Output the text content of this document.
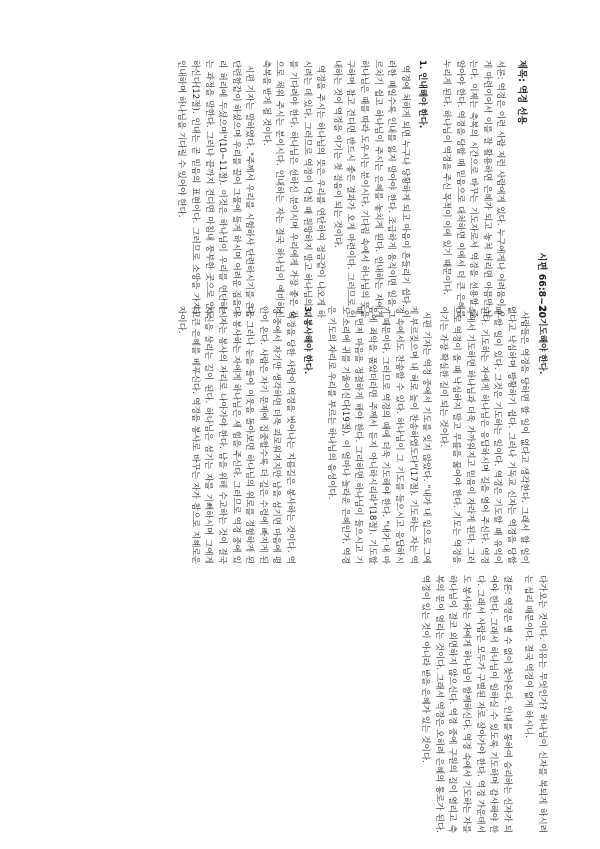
시편 66:8~20
제목: 역경 선용

서론: 역경은 이런 사람 저런 사람에게 있다. 누구에게나 어려움이 오게 마련이어서 이를 잘 활용하면 은혜가 되고 놓쳐 버리면 아픔만 남는다. 이제는 축복의 시간으로 바꾸는 기도자로서 역경을 선용할 줄 알아야 한다. 역경을 당할 때 믿음으로 대처하면 이에서 더 큰 은혜를 누리게 된다. 하나님이 역경을 주신 목적이 이에 있기 때문이다.

1. 인내해야 한다.

역경에 처하게 되면 누구나 당황하게 되고 마음이 흔들리기 쉽다. 이러한 때일수록 인내를 잃지 말아야 한다. 조급하게 움직이면 일을 그르치기 쉽고 하나님이 주시는 은혜를 놓치게 된다. 인내하는 자에게 하나님은 때를 따라 도우시는 분이시다. 기다림 속에서 하나님의 뜻을 구하며 참고 견디면 반드시 좋은 결과가 오게 마련이다. 그러므로 인내하는 것이 역경을 이기는 첫 걸음이 되는 것이다.

역경을 주시는 하나님의 뜻은 우리를 연단하여 정금같이 나오게 하시려는 데 있다. 그러므로 역경이 닥칠 때 원망하지 말고 하나님의 때를 기다려야 한다. 하나님은 선하신 분이시며 우리에게 가장 좋은 것으로 채워 주시는 분이시다. 인내하는 자는 결국 하나님이 예비하신 축복을 받게 될 것이다.

시편 기자는 말하였다. "주께서 우리를 시험하사 단련하시기를 은을 단련함같이 하셨으며 우리를 끌어 그물에 들게 하시며 어려운 짐을 우리 허리에 두셨으며"(10~11절). 이것은 하나님이 우리를 연단하시는 과정을 말한다. 그러나 끝까지 견디면 마침내 풍부한 곳으로 인도하신다(12절). 인내는 곧 믿음의 표현이다. 그러므로 소망을 가지고 인내하며 하나님을 기다릴 수 있어야 한다.

2. 기도해야 한다.

사람들은 역경을 당하면 할 일이 없다고 생각한다. 그래서 할 일이 없다고 낙심하며 방황하기 쉽다. 그러나 기독교 신자는 역경을 당할 때 할 일이 있다. 그것은 기도하는 일이다. 역경은 기도할 때 유익이 된다. 기도하는 자에게 하나님은 응답하시며 길을 열어 주신다. 역경 속에서 기도하면 하나님과 더욱 가까워지고 믿음이 자라게 된다. 그러므로 역경이 올 때 낙심하지 말고 무릎을 꿇어야 한다. 기도는 역경을 이기는 가장 확실한 길이 되는 것이다.

시편 기자는 역경 중에서 기도를 잊지 않았다. "내가 내 입으로 그에게 부르짖으며 내 혀로 높이 찬송하였도다"(17절). 기도하는 자는 역경 속에서도 찬송할 수 있다. 하나님이 그 기도를 들으시고 응답하시기 때문이다. 그러므로 역경의 때에 더욱 기도해야 한다. "내가 내 마음에 죄악을 품었더라면 주께서 듣지 아니하시리라"(18절). 기도할 때 먼저 마음을 정결하게 해야 한다. 그리하면 하나님이 들으시고 기도 소리에 귀를 기울이신다(19절). 이 얼마나 놀라운 은혜인가. 역경은 기도의 자리로 우리를 부르는 하나님의 음성이다.

3. 봉사해야 한다.

역경을 당한 사람이 역경을 벗어나는 지름길은 봉사하는 것이다. 역경 중에서 자기만 생각하면 더욱 괴로워지지만 남을 섬기면 마음에 평안이 온다. 사람은 자기 문제에 집중할수록 더 깊은 수렁에 빠지게 된다. 그러나 눈을 들어 이웃을 돌아보면 하나님의 위로를 경험하게 된다. 봉사하는 자에게 하나님은 새 힘을 주신다. 그러므로 역경 중에 있는 자는 봉사의 자리로 나아가야 한다. 남을 위해 수고하는 것이 결국 자신을 살리는 길이 된다. 하나님은 섬기는 자를 기뻐하시며 그에게 더 큰 은혜를 베푸신다. 역경을 봉사로 바꾸는 자가 참으로 지혜로운 자이다.

다가오는 것이다. 이유는 무엇인가? 하나님이 신자를 복되게 하시려는 섭리 때문이다. 결국 역경이 없게 하시니.

결론: 역경은 별 수 없이 찾아온다. 인내를 통하여 승리하는 신자가 되어야 한다. 그래서 하나님이 일하실 수 있도록 기도하며 감사해야 한다. 그래서 사람은 모두가 구별된 자로 살아가야 한다. 역경 가운데서도 봉사하는 자에게 하나님이 함께하신다. 역경 속에서 기도하는 자를 하나님이 결코 외면하지 않으신다. 역경 중에 구원의 길이 열리고 축복의 문이 열리는 것이다. 그래서 역경은 오히려 은혜의 통로가 된다. 역경이 있는 것이 아니라 받을 은혜가 있는 것이다.
